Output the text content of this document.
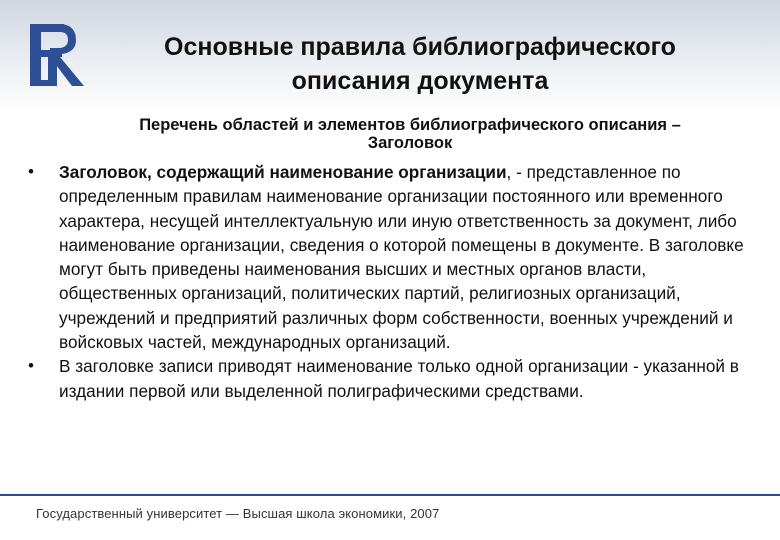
Основные правила библиографического
описания документа
Перечень областей и элементов библиографического описания –
Заголовок
• Заголовок, содержащий наименование организации, - представленное по определенным правилам наименование организации постоянного или временного характера, несущей интеллектуальную или иную ответственность за документ, либо наименование организации, сведения о которой помещены в документе. В заголовке могут быть приведены наименования высших и местных органов власти, общественных организаций, политических партий, религиозных организаций, учреждений и предприятий различных форм собственности, военных учреждений и войсковых частей, международных организаций.
• В заголовке записи приводят наименование только одной организации - указанной в издании первой или выделенной полиграфическими средствами.
Государственный университет — Высшая школа экономики, 2007
